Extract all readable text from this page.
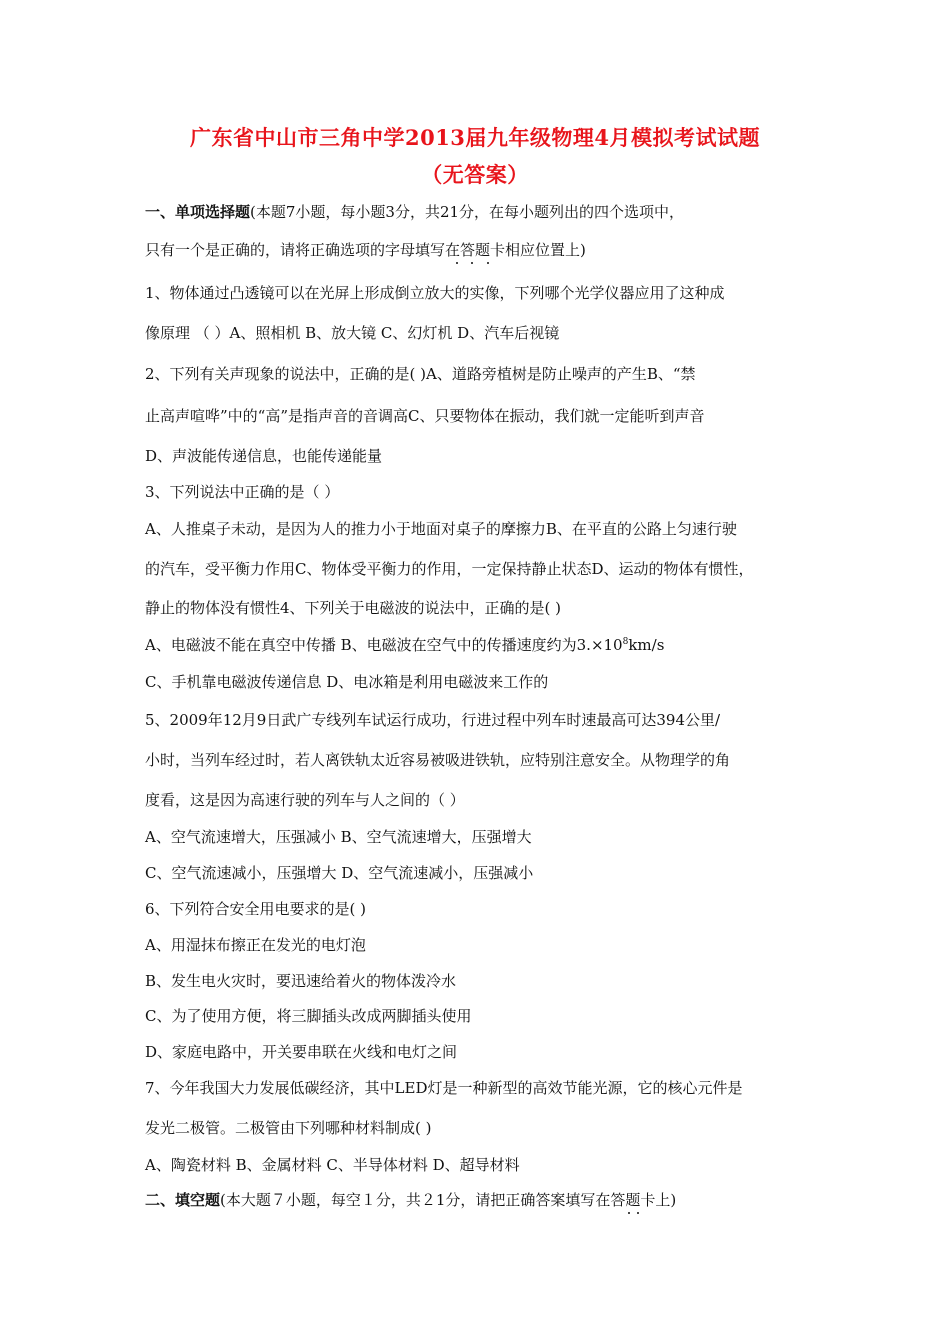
广东省中山市三角中学2013届九年级物理4月模拟考试试题
（无答案）
一、单项选择题(本题7小题，每小题3分，共21分，在每小题列出的四个选项中，
只有一个是正确的，请将正确选项的字母填写在答题卡相应位置上)
1、物体通过凸透镜可以在光屏上形成倒立放大的实像，下列哪个光学仪器应用了这种成
像原理 （ ）A、照相机 B、放大镜 C、幻灯机 D、汽车后视镜
2、下列有关声现象的说法中，正确的是( )A、道路旁植树是防止噪声的产生B、“禁
止高声喧哗”中的“高”是指声音的音调高C、只要物体在振动，我们就一定能听到声音
D、声波能传递信息，也能传递能量
3、下列说法中正确的是（ ）
A、人推桌子未动，是因为人的推力小于地面对桌子的摩擦力B、在平直的公路上匀速行驶
的汽车，受平衡力作用C、物体受平衡力的作用，一定保持静止状态D、运动的物体有惯性，
静止的物体没有惯性4、下列关于电磁波的说法中，正确的是( )
A、电磁波不能在真空中传播 B、电磁波在空气中的传播速度约为$3.\times 10^8km/s$
C、手机靠电磁波传递信息 D、电冰箱是利用电磁波来工作的
5、2009年12月9日武广专线列车试运行成功，行进过程中列车时速最高可达394公里/
小时，当列车经过时，若人离铁轨太近容易被吸进铁轨，应特别注意安全。从物理学的角
度看，这是因为高速行驶的列车与人之间的（ ）
A、空气流速增大，压强减小 B、空气流速增大，压强增大
C、空气流速减小，压强增大 D、空气流速减小，压强减小
6、下列符合安全用电要求的是( )
A、用湿抹布擦正在发光的电灯泡
B、发生电火灾时，要迅速给着火的物体泼冷水
C、为了使用方便，将三脚插头改成两脚插头使用
D、家庭电路中，开关要串联在火线和电灯之间
7、今年我国大力发展低碳经济，其中LED灯是一种新型的高效节能光源，它的核心元件是
发光二极管。二极管由下列哪种材料制成( )
A、陶瓷材料 B、金属材料 C、半导体材料 D、超导材料
二、填空题(本大题７小题，每空１分，共２1分，请把正确答案填写在答题卡上)
